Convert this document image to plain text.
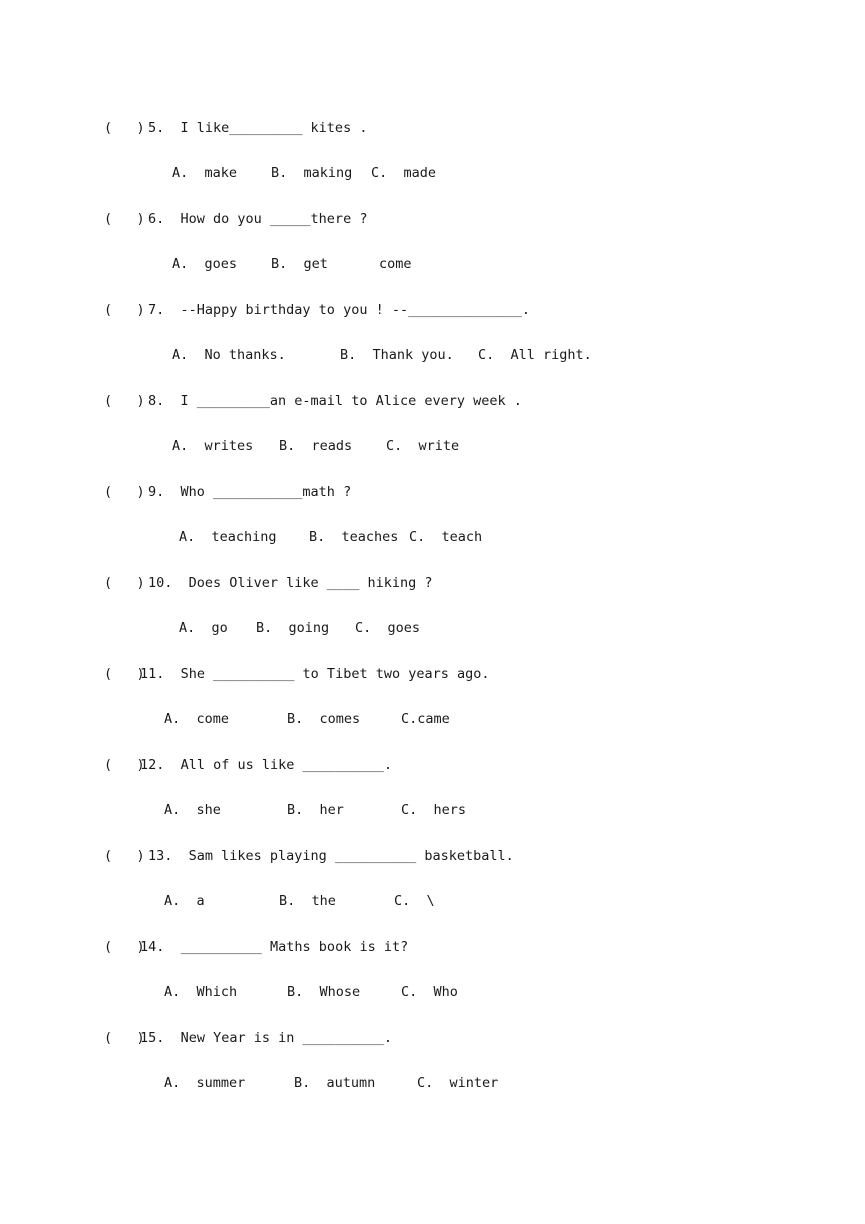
(   )

5.  I like_________ kites .

A.  make

	B.  making

C.  made

(   )

6.  How do you _____there ?

A.  goes

	B.  get

	come

(   )

7.  --Happy birthday to you ! --______________.

A.  No thanks.

	B.  Thank you.

C.  All right.

(   )

8.  I _________an e-mail to Alice every week .

A.  writes

B.  reads

	C.  write

(   )

9.  Who ___________math ?

A.  teaching

B.  teaches

C.  teach

(   )

10.  Does Oliver like ____ hiking ?

A.  go

B.  going

C.  goes

(   )

11.  She __________ to Tibet two years ago.

A.  come

	B.  comes

	C.came

(   )

12.  All of us like __________.

A.  she

	B.  her

	C.  hers

(   )

13.  Sam likes playing __________ basketball.

A.  a

	B.  the

	C.  \

(   )

14.  __________ Maths book is it?

A.  Which

	B.  Whose

	C.  Who

(   )

15.  New Year is in __________.

A.  summer

	B.  autumn

	C.  winter
